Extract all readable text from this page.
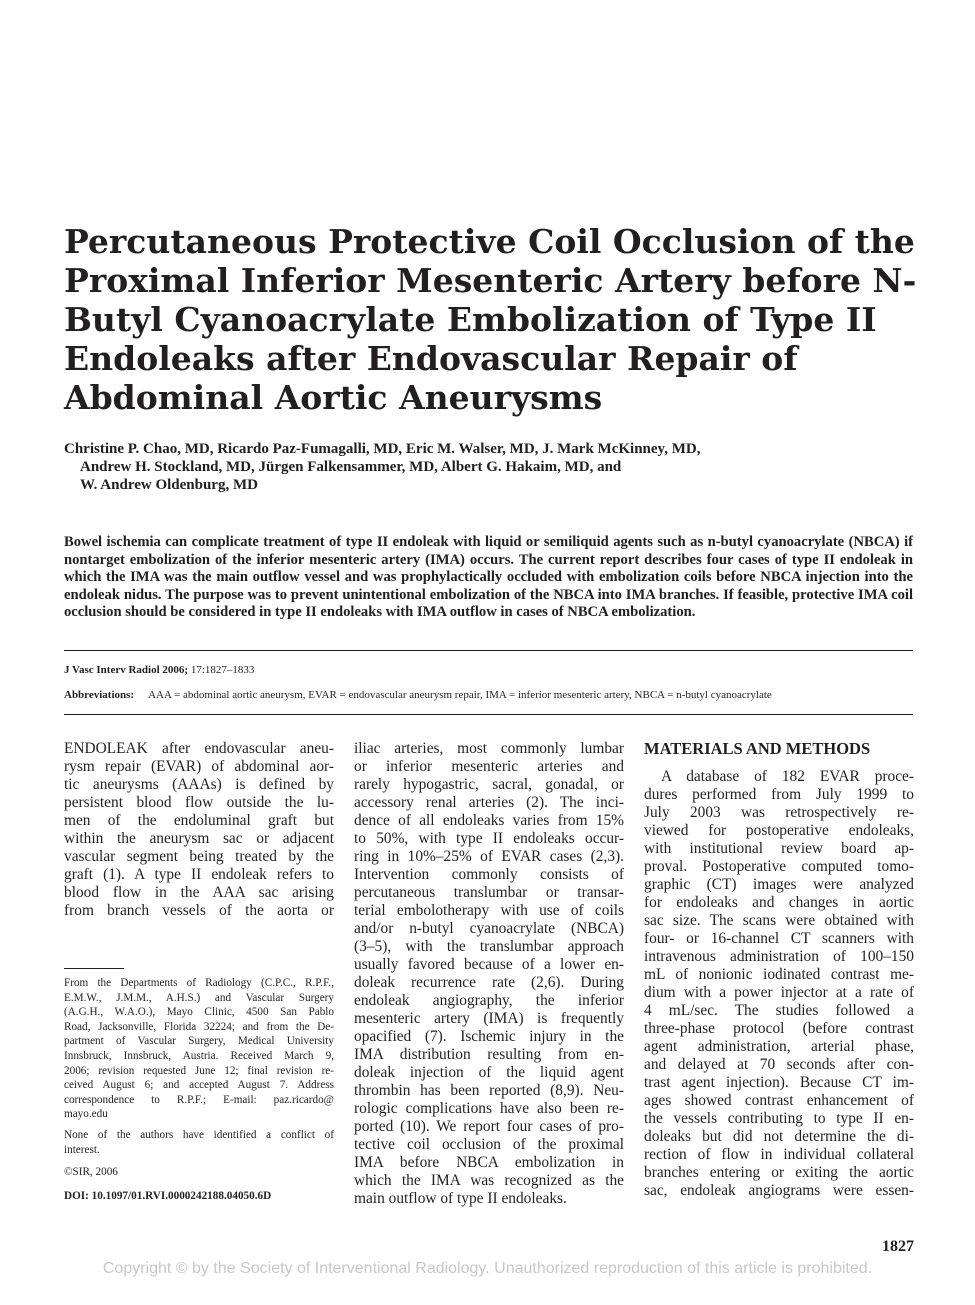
Percutaneous Protective Coil Occlusion of the
Proximal Inferior Mesenteric Artery before N-
Butyl Cyanoacrylate Embolization of Type II
Endoleaks after Endovascular Repair of
Abdominal Aortic Aneurysms
Christine P. Chao, MD, Ricardo Paz-Fumagalli, MD, Eric M. Walser, MD, J. Mark McKinney, MD,
Andrew H. Stockland, MD, Jürgen Falkensammer, MD, Albert G. Hakaim, MD, and
W. Andrew Oldenburg, MD

Bowel ischemia can complicate treatment of type II endoleak with liquid or semiliquid agents such as n-butyl cyanoacrylate (NBCA) if nontarget embolization of the inferior mesenteric artery (IMA) occurs. The current report describes four cases of type II endoleak in which the IMA was the main outflow vessel and was prophylactically occluded with embolization coils before NBCA injection into the endoleak nidus. The purpose was to prevent unintentional embolization of the NBCA into IMA branches. If feasible, protective IMA coil occlusion should be considered in type II endoleaks with IMA outflow in cases of NBCA embolization.

J Vasc Interv Radiol 2006; 17:1827–1833
Abbreviations: AAA = abdominal aortic aneurysm, EVAR = endovascular aneurysm repair, IMA = inferior mesenteric artery, NBCA = n-butyl cyanoacrylate
ENDOLEAK after endovascular aneu-
rysm repair (EVAR) of abdominal aor-
tic aneurysms (AAAs) is defined by
persistent blood flow outside the lu-
men of the endoluminal graft but
within the aneurysm sac or adjacent
vascular segment being treated by the
graft (1). A type II endoleak refers to
blood flow in the AAA sac arising
from branch vessels of the aorta or
From the Departments of Radiology (C.P.C., R.P.F.,
E.M.W., J.M.M., A.H.S.) and Vascular Surgery
(A.G.H., W.A.O.), Mayo Clinic, 4500 San Pablo
Road, Jacksonville, Florida 32224; and from the De-
partment of Vascular Surgery, Medical University
Innsbruck, Innsbruck, Austria. Received March 9,
2006; revision requested June 12; final revision re-
ceived August 6; and accepted August 7. Address
correspondence to R.P.F.; E-mail: paz.ricardo@
mayo.edu
None of the authors have identified a conflict of
interest.
©SIR, 2006
DOI: 10.1097/01.RVI.0000242188.04050.6D
iliac arteries, most commonly lumbar
or inferior mesenteric arteries and
rarely hypogastric, sacral, gonadal, or
accessory renal arteries (2). The inci-
dence of all endoleaks varies from 15%
to 50%, with type II endoleaks occur-
ring in 10%–25% of EVAR cases (2,3).
Intervention commonly consists of
percutaneous translumbar or transar-
terial embolotherapy with use of coils
and/or n-butyl cyanoacrylate (NBCA)
(3–5), with the translumbar approach
usually favored because of a lower en-
doleak recurrence rate (2,6). During
endoleak angiography, the inferior
mesenteric artery (IMA) is frequently
opacified (7). Ischemic injury in the
IMA distribution resulting from en-
doleak injection of the liquid agent
thrombin has been reported (8,9). Neu-
rologic complications have also been re-
ported (10). We report four cases of pro-
tective coil occlusion of the proximal
IMA before NBCA embolization in
which the IMA was recognized as the
main outflow of type II endoleaks.
MATERIALS AND METHODS
A database of 182 EVAR proce-
dures performed from July 1999 to
July 2003 was retrospectively re-
viewed for postoperative endoleaks,
with institutional review board ap-
proval. Postoperative computed tomo-
graphic (CT) images were analyzed
for endoleaks and changes in aortic
sac size. The scans were obtained with
four- or 16-channel CT scanners with
intravenous administration of 100–150
mL of nonionic iodinated contrast me-
dium with a power injector at a rate of
4 mL/sec. The studies followed a
three-phase protocol (before contrast
agent administration, arterial phase,
and delayed at 70 seconds after con-
trast agent injection). Because CT im-
ages showed contrast enhancement of
the vessels contributing to type II en-
doleaks but did not determine the di-
rection of flow in individual collateral
branches entering or exiting the aortic
sac, endoleak angiograms were essen-
1827
Copyright © by the Society of Interventional Radiology. Unauthorized reproduction of this article is prohibited.
